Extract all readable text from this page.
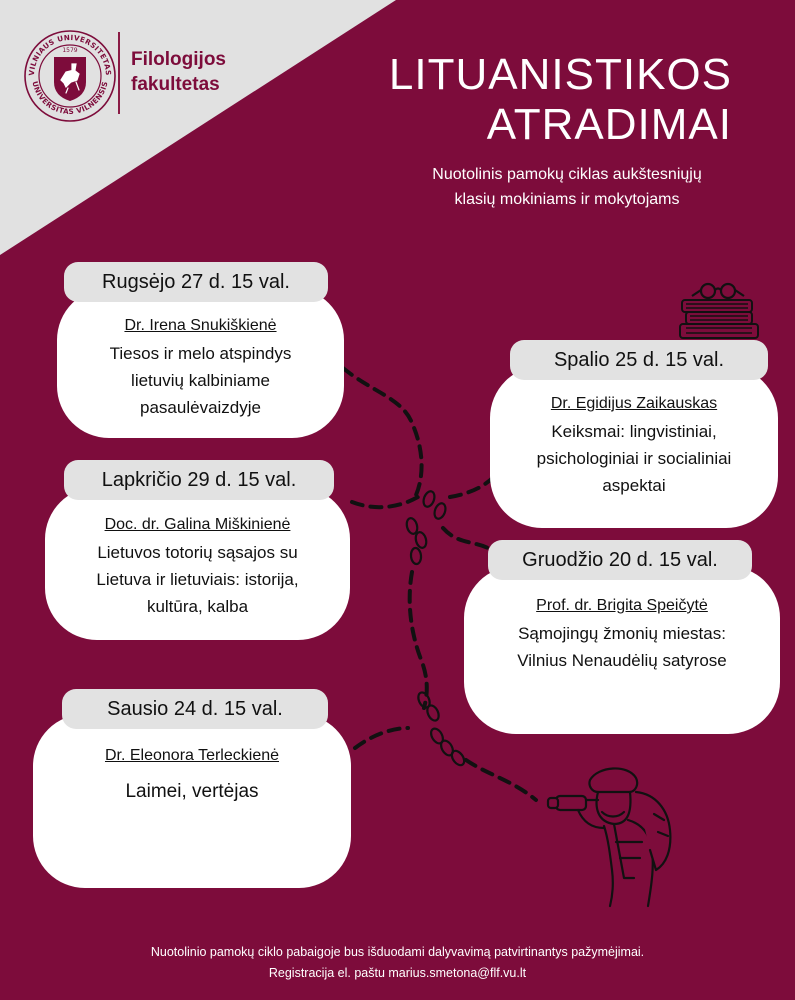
VILNIAUS UNIVERSITETAS
UNIVERSITAS VILNENSIS
1579	Filologijos
fakultetas	LITUANISTIKOS
ATRADIMAI
Nuotolinis pamokų ciklas aukštesniųjų
klasių mokiniams ir mokytojams
Dr. Irena Snukiškienė
Tiesos ir melo atspindys
lietuvių kalbiniame
pasaulėvaizdyje
Rugsėjo 27 d. 15 val.
Dr. Egidijus Zaikauskas
Keiksmai: lingvistiniai,
psichologiniai ir socialiniai
aspektai
Spalio 25 d. 15 val.
Doc. dr. Galina Miškinienė
Lietuvos totorių sąsajos su
Lietuva ir lietuviais: istorija,
kultūra, kalba
Lapkričio 29 d. 15 val.
Prof. dr. Brigita Speičytė
Sąmojingų žmonių miestas:
Vilnius Nenaudėlių satyrose
Gruodžio 20 d. 15 val.
Dr. Eleonora Terleckienė
Laimei, vertėjas
Sausio 24 d. 15 val.
Nuotolinio pamokų ciklo pabaigoje bus išduodami dalyvavimą patvirtinantys pažymėjimai.
Registracija el. paštu marius.smetona@flf.vu.lt
